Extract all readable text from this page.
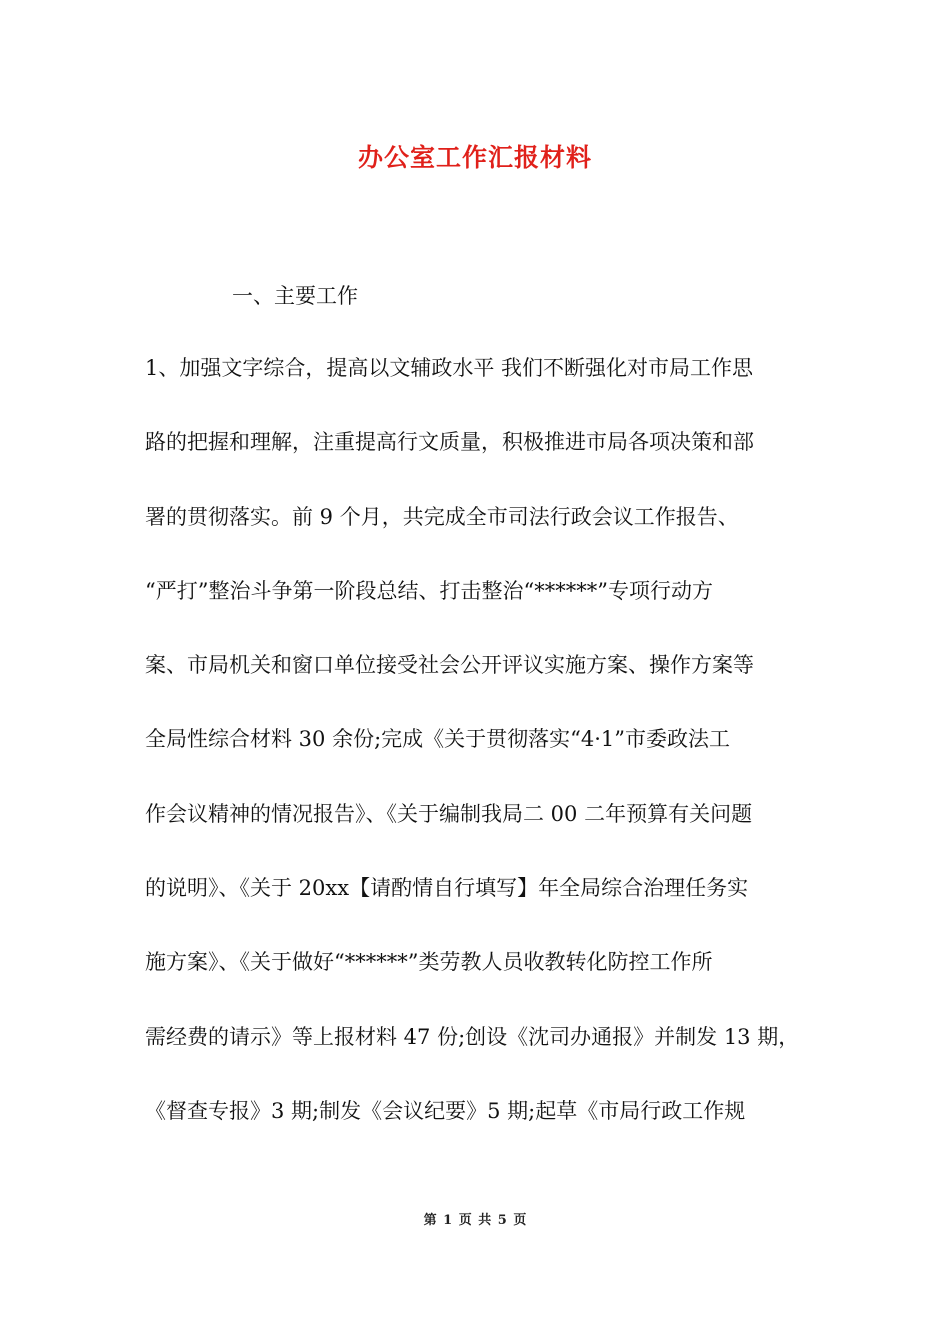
办公室工作汇报材料
一、主要工作
1、加强文字综合，提高以文辅政水平 我们不断强化对市局工作思
路的把握和理解，注重提高行文质量，积极推进市局各项决策和部
署的贯彻落实。前 9 个月，共完成全市司法行政会议工作报告、
“严打”整治斗争第一阶段总结、打击整治“******”专项行动方
案、市局机关和窗口单位接受社会公开评议实施方案、操作方案等
全局性综合材料 30 余份;完成《关于贯彻落实“4·1”市委政法工
作会议精神的情况报告》、《关于编制我局二 00 二年预算有关问题
的说明》、《关于 20xx【请酌情自行填写】年全局综合治理任务实
施方案》、《关于做好“******”类劳教人员收教转化防控工作所
需经费的请示》等上报材料 47 份;创设《沈司办通报》并制发 13 期，
《督查专报》3 期;制发《会议纪要》5 期;起草《市局行政工作规
第 1 页 共 5 页
